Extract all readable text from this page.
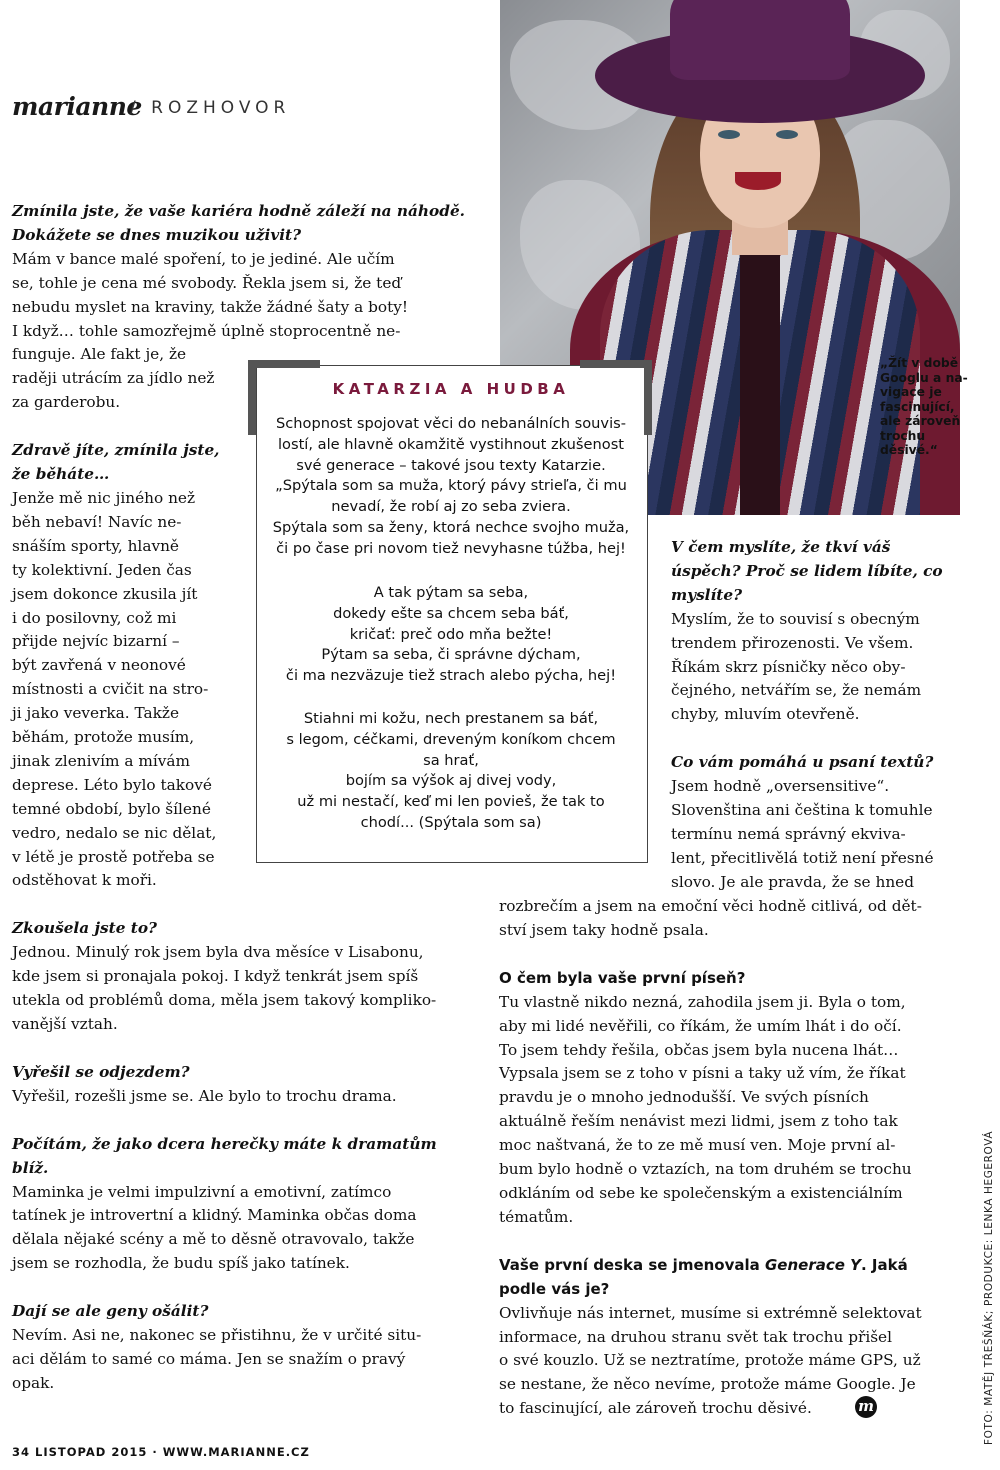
marianne
/ ROZHOVOR
„Žít v době
Googlu a na-
vigace je
fascinující,
ale zároveň
trochu
děsivé.“
KATARZIA A HUDBA
Schopnost spojovat věci do nebanálních souvis-
lostí, ale hlavně okamžitě vystihnout zkušenost
své generace – takové jsou texty Katarzie.
„Spýtala som sa muža, ktorý pávy strieľa, či mu
nevadí, že robí aj zo seba zviera.
Spýtala som sa ženy, ktorá nechce svojho muža,
či po čase pri novom tiež nevyhasne túžba, hej!
A tak pýtam sa seba,
dokedy ešte sa chcem seba báť,
kričať: preč odo mňa bežte!
Pýtam sa seba, či správne dýcham,
či ma nezväzuje tiež strach alebo pýcha, hej!
Stiahni mi kožu, nech prestanem sa báť,
s legom, céčkami, dreveným koníkom chcem
sa hrať,
bojím sa výšok aj divej vody,
už mi nestačí, keď mi len povieš, že tak to
chodí... (Spýtala som sa)
Zmínila jste, že vaše kariéra hodně záleží na náhodě.
Dokážete se dnes muzikou uživit?
Mám v bance malé spoření, to je jediné. Ale učím
se, tohle je cena mé svobody. Řekla jsem si, že teď
nebudu myslet na kraviny, takže žádné šaty a boty!
I když… tohle samozřejmě úplně stoprocentně ne-
funguje. Ale fakt je, že
raději utrácím za jídlo než
za garderobu.
Zdravě jíte, zmínila jste,
že běháte…
Jenže mě nic jiného než
běh nebaví! Navíc ne-
snáším sporty, hlavně
ty kolektivní. Jeden čas
jsem dokonce zkusila jít
i do posilovny, což mi
přijde nejvíc bizarní –
být zavřená v neonové
místnosti a cvičit na stro-
ji jako veverka. Takže
běhám, protože musím,
jinak zlenivím a mívám
deprese. Léto bylo takové
temné období, bylo šílené
vedro, nedalo se nic dělat,
v létě je prostě potřeba se
odstěhovat k moři.
Zkoušela jste to?
Jednou. Minulý rok jsem byla dva měsíce v Lisabonu,
kde jsem si pronajala pokoj. I když tenkrát jsem spíš
utekla od problémů doma, měla jsem takový kompliko-
vanější vztah.
Vyřešil se odjezdem?
Vyřešil, rozešli jsme se. Ale bylo to trochu drama.
Počítám, že jako dcera herečky máte k dramatům
blíž.
Maminka je velmi impulzivní a emotivní, zatímco
tatínek je introvertní a klidný. Maminka občas doma
dělala nějaké scény a mě to děsně otravovalo, takže
jsem se rozhodla, že budu spíš jako tatínek.
Dají se ale geny ošálit?
Nevím. Asi ne, nakonec se přistihnu, že v určité situ-
aci dělám to samé co máma. Jen se snažím o pravý
opak.
V čem myslíte, že tkví váš
úspěch? Proč se lidem líbíte, co
myslíte?
Myslím, že to souvisí s obecným
trendem přirozenosti. Ve všem.
Říkám skrz písničky něco oby-
čejného, netvářím se, že nemám
chyby, mluvím otevřeně.
Co vám pomáhá u psaní textů?
Jsem hodně „oversensitive“.
Slovenština ani čeština k tomuhle
termínu nemá správný ekviva-
lent, přecitlivělá totiž není přesné
slovo. Je ale pravda, že se hned
rozbrečím a jsem na emoční věci hodně citlivá, od dět-
ství jsem taky hodně psala.
O čem byla vaše první píseň?
Tu vlastně nikdo nezná, zahodila jsem ji. Byla o tom,
aby mi lidé nevěřili, co říkám, že umím lhát i do očí.
To jsem tehdy řešila, občas jsem byla nucena lhát…
Vypsala jsem se z toho v písni a taky už vím, že říkat
pravdu je o mnoho jednodušší. Ve svých písních
aktuálně řeším nenávist mezi lidmi, jsem z toho tak
moc naštvaná, že to ze mě musí ven. Moje první al-
bum bylo hodně o vztazích, na tom druhém se trochu
odkláním od sebe ke společenským a existenciálním
tématům.
Vaše první deska se jmenovala Generace Y. Jaká
podle vás je?
Ovlivňuje nás internet, musíme si extrémně selektovat
informace, na druhou stranu svět tak trochu přišel
o své kouzlo. Už se neztratíme, protože máme GPS, už
se nestane, že něco nevíme, protože máme Google. Je
to fascinující, ale zároveň trochu děsivé.	m
34 LISTOPAD 2015 · WWW.MARIANNE.CZ
FOTO: MATĚJ TŘEŠŇÁK; PRODUKCE: LENKA HEGEROVÁ
